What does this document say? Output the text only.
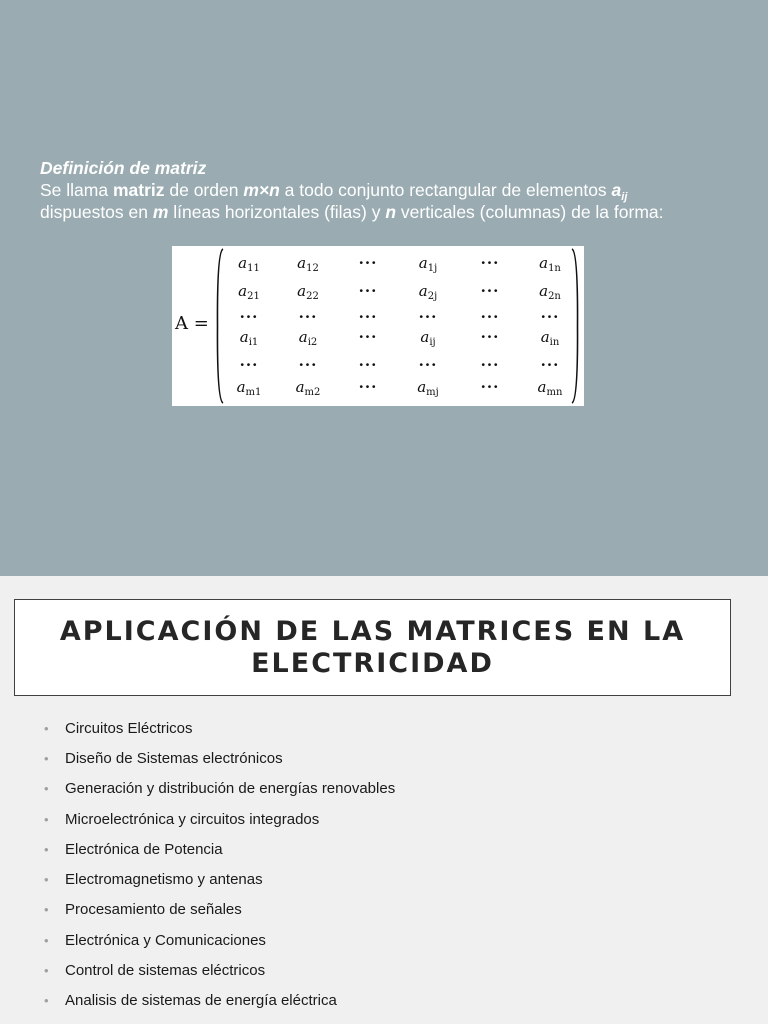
Definición de matriz
Se llama matriz de orden m×n a todo conjunto rectangular de elementos $a_{ij}$
dispuestos en m líneas horizontales (filas) y n verticales (columnas) de la forma:
A =
$a_{11}$ $a_{12}$	···	$a_{1j}$	···	$a_{1n}$
$a_{21}$ $a_{22}$	···	$a_{2j}$	···	$a_{2n}$
···	···	···	···	···	···
$a_{i1}$	$a_{i2}$	···	$a_{ij}$	···	$a_{in}$
···	···	···	···	···	···
$a_{m1}$ $a_{m2}$	···	$a_{mj}$	···	$a_{mn}$
APLICACIÓN DE LAS MATRICES EN LA
ELECTRICIDAD
•	Circuitos Eléctricos
•	Diseño de Sistemas electrónicos
•	Generación y distribución de energías renovables
•	Microelectrónica y circuitos integrados
•	Electrónica de Potencia
•	Electromagnetismo y antenas
•	Procesamiento de señales
•	Electrónica y Comunicaciones
•	Control de sistemas eléctricos
•	Analisis de sistemas de energía eléctrica
